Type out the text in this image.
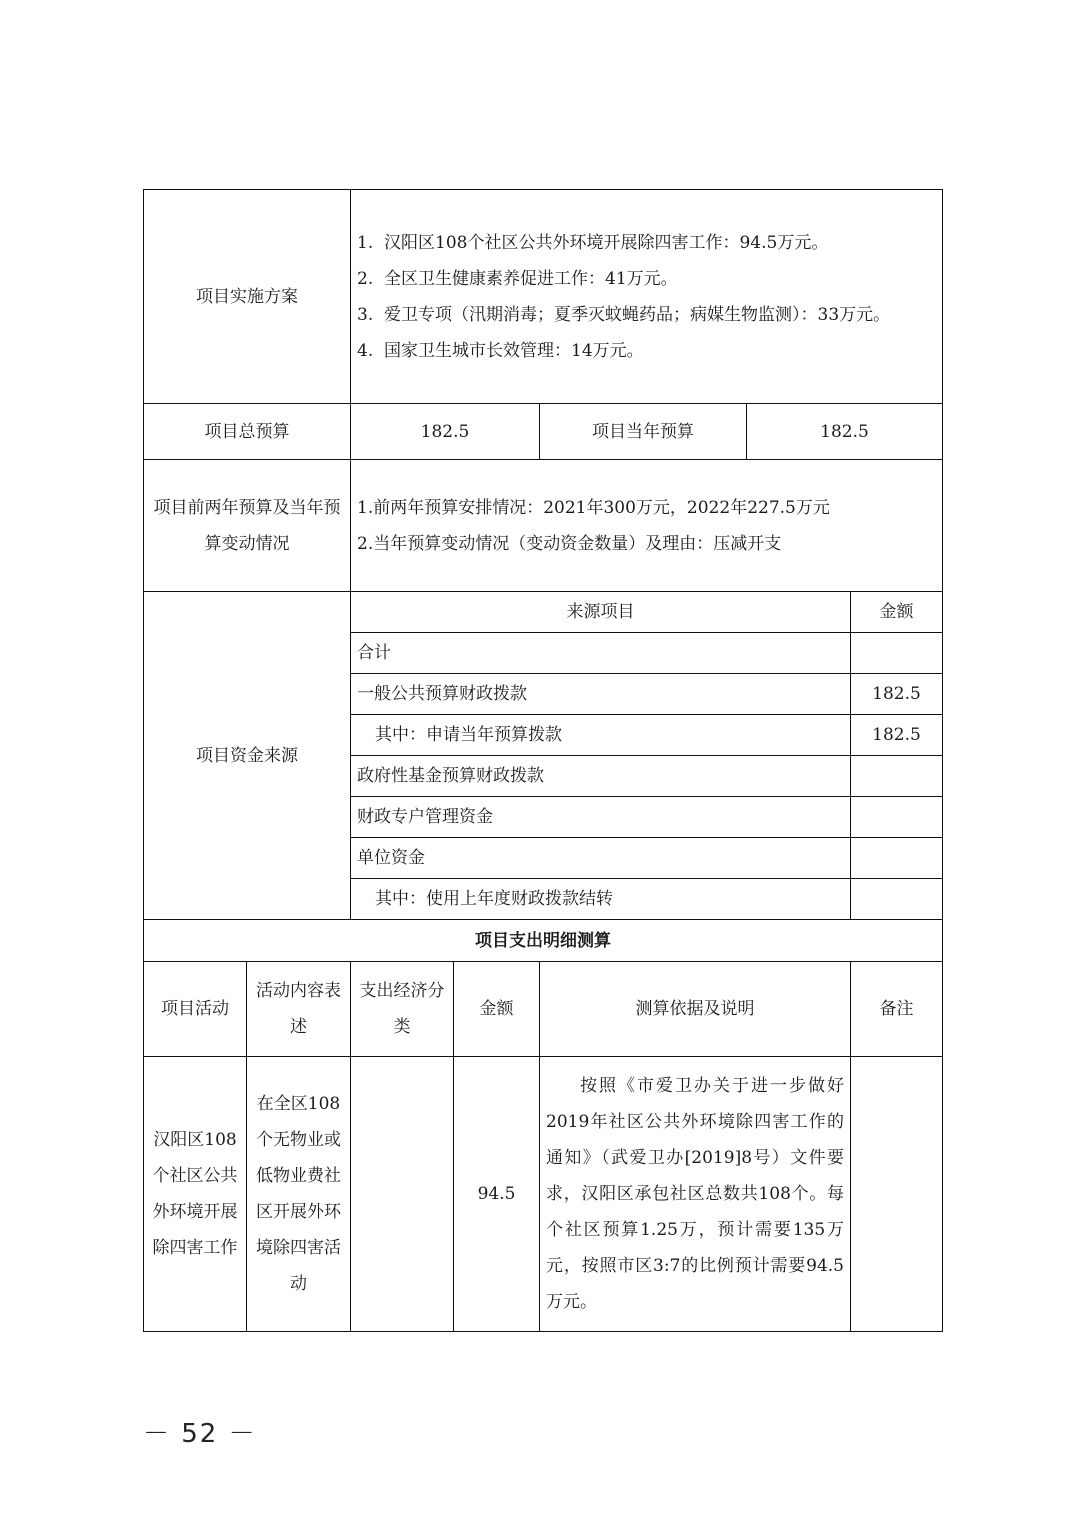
项目实施方案		1.  汉阳区108个社区公共外环境开展除四害工作：94.5万元。
2.  全区卫生健康素养促进工作：41万元。
3.  爱卫专项（汛期消毒；夏季灭蚊蝇药品；病媒生物监测）：33万元。
4.  国家卫生城市长效管理：14万元。				

项目总预算		182.5		项目当年预算	182.5	
项目前两年预算及当年预算变动情况		1.前两年预算安排情况：2021年300万元，2022年227.5万元
2.当年预算变动情况（变动资金数量）及理由：压减开支				

项目资金来源		来源项目				金额
		合计				
		一般公共预算财政拨款				182.5
		其中：申请当年预算拨款				182.5
		政府性基金预算财政拨款				
		财政专户管理资金				
		单位资金				
		其中：使用上年度财政拨款结转				
项目支出明细测算						
项目活动	活动内容表述	支出经济分类	金额	测算依据及说明		备注
汉阳区108个社区公共外环境开展除四害工作	在全区108个无物业或低物业费社区开展外环境除四害活动		94.5	按照《市爱卫办关于进一步做好2019年社区公共外环境除四害工作的通知》（武爱卫办[2019]8号）文件要求，汉阳区承包社区总数共108个。每个社区预算1.25万，预计需要135万元，按照市区3:7的比例预计需要94.5万元。		
－ 52 －
